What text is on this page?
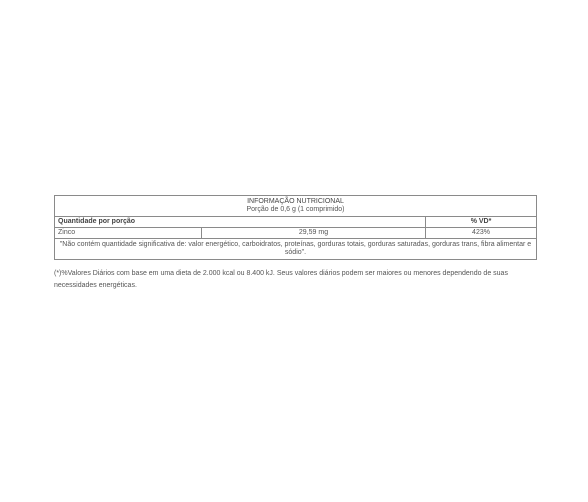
INFORMAÇÃO NUTRICIONAL
Porção de 0,6 g (1 comprimido)		

Quantidade por porção		% VD*
Zinco	29,59 mg	423%
"Não contém quantidade significativa de: valor energético, carboidratos, proteínas, gorduras totais, gorduras saturadas, gorduras trans, fibra alimentar e sódio".		
(*)%Valores Diários com base em uma dieta de 2.000 kcal ou 8.400 kJ. Seus valores diários podem ser maiores ou menores dependendo de suas necessidades energéticas.
